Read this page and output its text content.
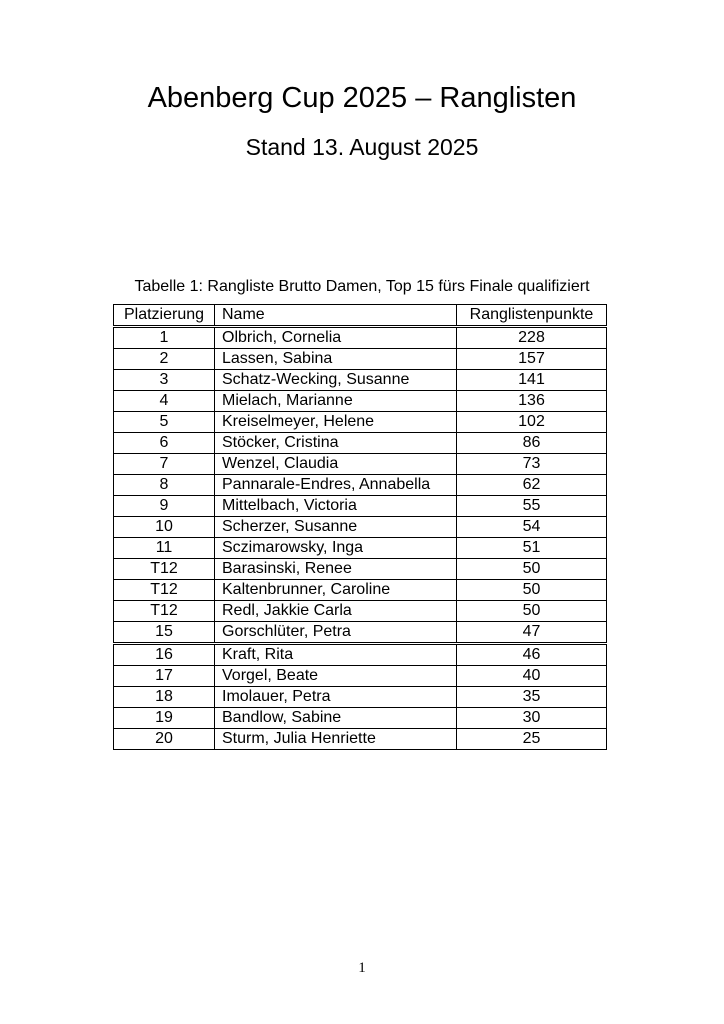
Abenberg Cup 2025 – Ranglisten
Stand 13. August 2025
Tabelle 1: Rangliste Brutto Damen, Top 15 fürs Finale qualifiziert
Platzierung	Name	Ranglistenpunkte
1	Olbrich, Cornelia	228
2	Lassen, Sabina	157
3	Schatz-Wecking, Susanne	141
4	Mielach, Marianne	136
5	Kreiselmeyer, Helene	102
6	Stöcker, Cristina	86
7	Wenzel, Claudia	73
8	Pannarale-Endres, Annabella	62
9	Mittelbach, Victoria	55
10	Scherzer, Susanne	54
11	Sczimarowsky, Inga	51
T12	Barasinski, Renee	50
T12	Kaltenbrunner, Caroline	50
T12	Redl, Jakkie Carla	50
15	Gorschlüter, Petra	47
16	Kraft, Rita	46
17	Vorgel, Beate	40
18	Imolauer, Petra	35
19	Bandlow, Sabine	30
20	Sturm, Julia Henriette	25
1
